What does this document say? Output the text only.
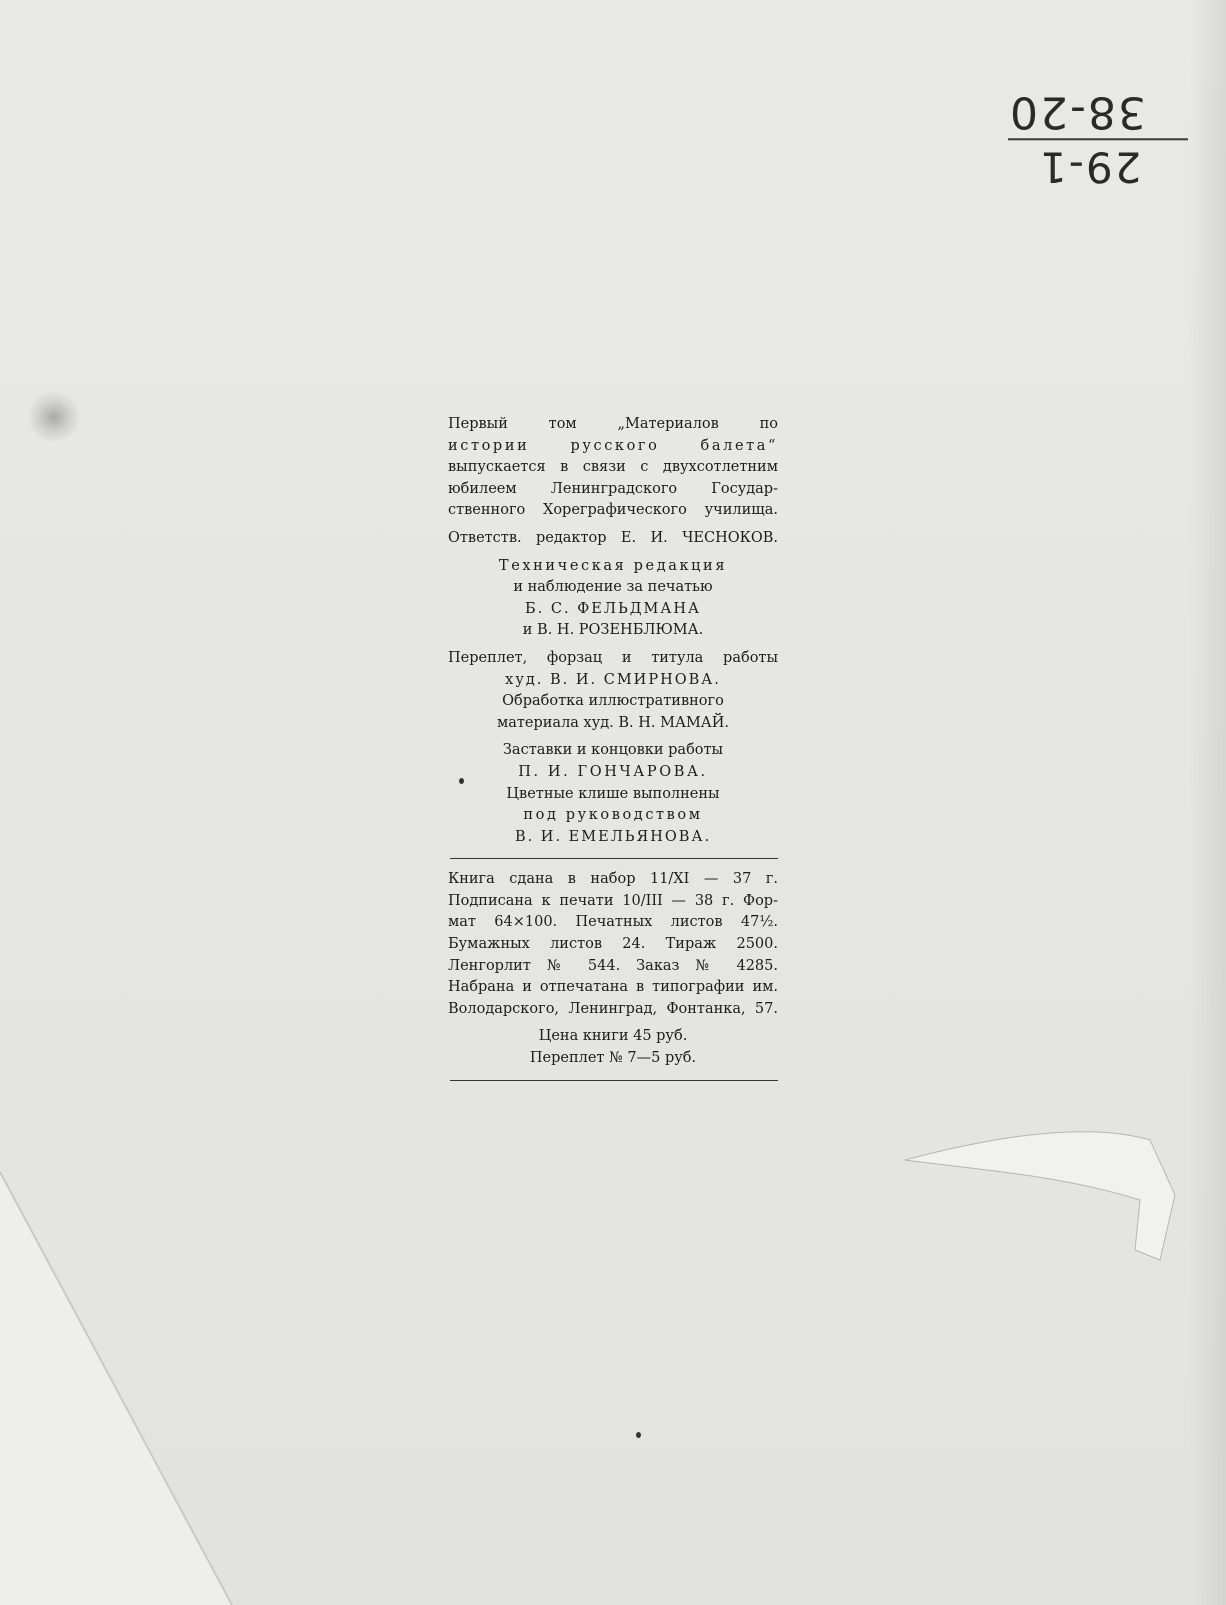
29-1
38-20

Первый том „Материалов по

истории русского балета“

выпускается в связи с двухсотлетним

юбилеем Ленинградского Государ-

ственного Хореграфического училища.

Ответств. редактор Е. И. ЧЕСНОКОВ.

Техническая редакция

и наблюдение за печатью

Б. С. ФЕЛЬДМАНА

и В. Н. РОЗЕНБЛЮМА.

Переплет, форзац и титула работы

худ. В. И. СМИРНОВА.

Обработка иллюстративного

материала худ. В. Н. МАМАЙ.

Заставки и концовки работы

П. И. ГОНЧАРОВА.

Цветные клише выполнены

под руководством

В. И. ЕМЕЛЬЯНОВА.

Книга сдана в набор 11/XI — 37 г.

Подписана к печати 10/III — 38 г. Фор-

мат 64×100. Печатных листов 47½.

Бумажных листов 24. Тираж 2500.

Ленгорлит № 544. Заказ № 4285.

Набрана и отпечатана в типографии им.

Володарского, Ленинград, Фонтанка, 57.

Цена книги 45 руб.

Переплет № 7—5 руб.
